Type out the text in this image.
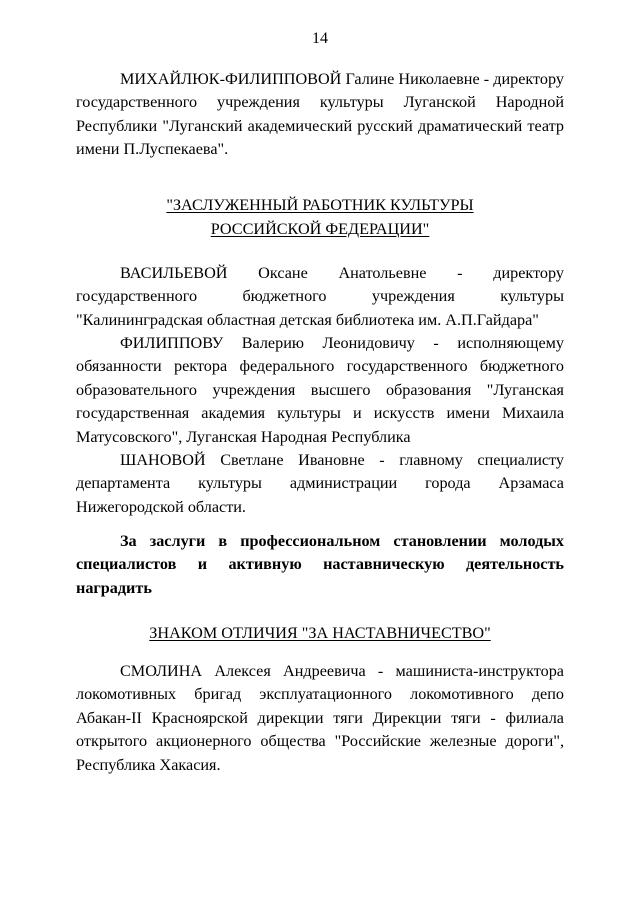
14
МИХАЙЛЮК-ФИЛИППОВОЙ Галине Николаевне - директору
государственного учреждения культуры Луганской Народной
Республики "Луганский академический русский драматический театр
имени П.Луспекаева".
"ЗАСЛУЖЕННЫЙ РАБОТНИК КУЛЬТУРЫ
РОССИЙСКОЙ ФЕДЕРАЦИИ"
ВАСИЛЬЕВОЙ Оксане Анатольевне - директору
государственного бюджетного учреждения культуры
"Калининградская областная детская библиотека им. А.П.Гайдара"
ФИЛИППОВУ Валерию Леонидовичу - исполняющему
обязанности ректора федерального государственного бюджетного
образовательного учреждения высшего образования "Луганская
государственная академия культуры и искусств имени Михаила
Матусовского", Луганская Народная Республика
ШАНОВОЙ Светлане Ивановне - главному специалисту
департамента культуры администрации города Арзамаса
Нижегородской области.
За заслуги в профессиональном становлении молодых
специалистов и активную наставническую деятельность
наградить
ЗНАКОМ ОТЛИЧИЯ "ЗА НАСТАВНИЧЕСТВО"
СМОЛИНА Алексея Андреевича - машиниста-инструктора
локомотивных бригад эксплуатационного локомотивного депо
Абакан-II Красноярской дирекции тяги Дирекции тяги - филиала
открытого акционерного общества "Российские железные дороги",
Республика Хакасия.
